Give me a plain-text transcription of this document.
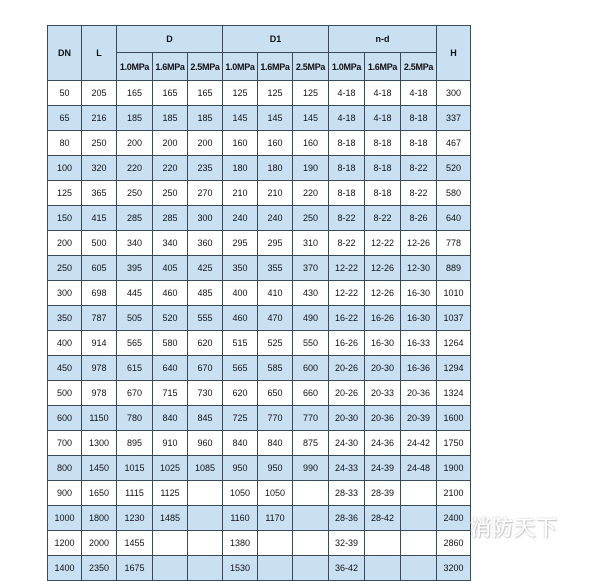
DN	L	D			D1			n-d			H
		1.0MPa	1.6MPa	2.5MPa	1.0MPa	1.6MPa	2.5MPa	1.0MPa	1.6MPa	2.5MPa	
50	205	165	165	165	125	125	125	4-18	4-18	4-18	300
65	216	185	185	185	145	145	145	4-18	4-18	8-18	337
80	250	200	200	200	160	160	160	8-18	8-18	8-18	467
100	320	220	220	235	180	180	190	8-18	8-18	8-22	520
125	365	250	250	270	210	210	220	8-18	8-18	8-22	580
150	415	285	285	300	240	240	250	8-22	8-22	8-26	640
200	500	340	340	360	295	295	310	8-22	12-22	12-26	778
250	605	395	405	425	350	355	370	12-22	12-26	12-30	889
300	698	445	460	485	400	410	430	12-22	12-26	16-30	1010
350	787	505	520	555	460	470	490	16-22	16-26	16-30	1037
400	914	565	580	620	515	525	550	16-26	16-30	16-33	1264
450	978	615	640	670	565	585	600	20-26	20-30	16-36	1294
500	978	670	715	730	620	650	660	20-26	20-33	20-36	1324
600	1150	780	840	845	725	770	770	20-30	20-36	20-39	1600
700	1300	895	910	960	840	840	875	24-30	24-36	24-42	1750
800	1450	1015	1025	1085	950	950	990	24-33	24-39	24-48	1900
900	1650	1115	1125		1050	1050		28-33	28-39		2100
1000	1800	1230	1485		1160	1170		28-36	28-42		2400
1200	2000	1455			1380			32-39			2860
1400	2350	1675			1530			36-42			3200
消防天下
